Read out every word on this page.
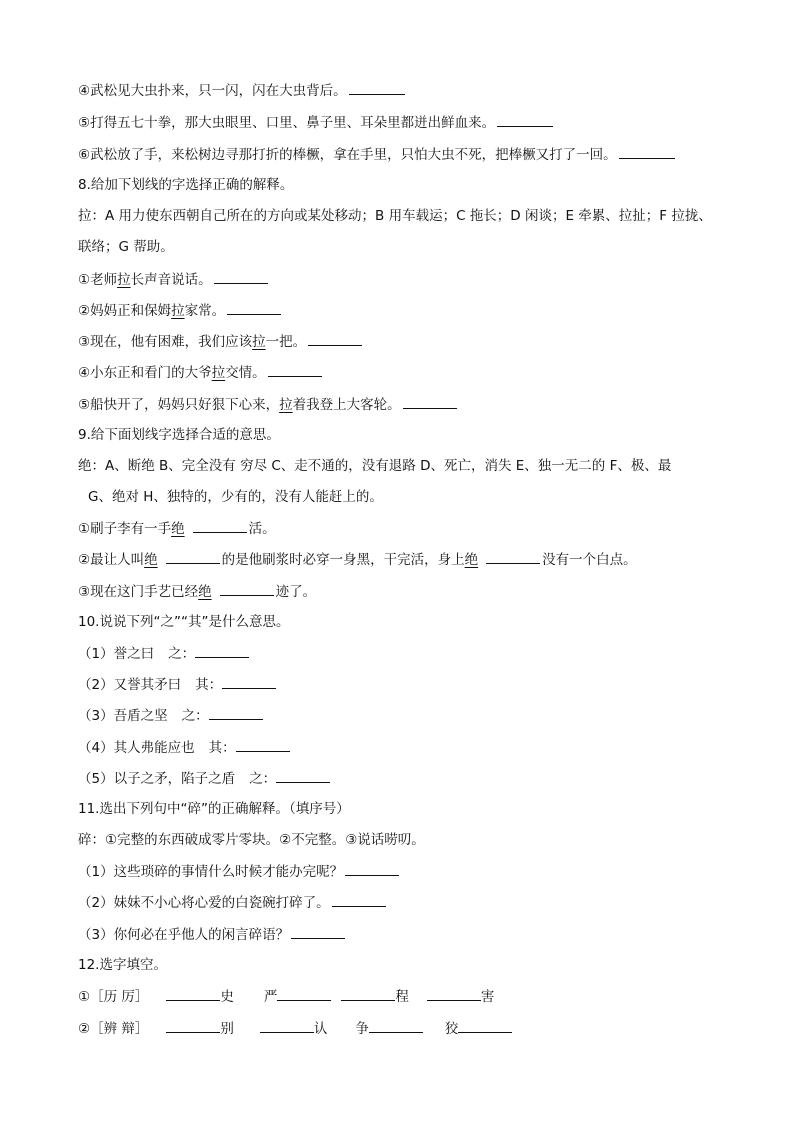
④武松见大虫扑来，只一闪，闪在大虫背后。
⑤打得五七十拳，那大虫眼里、口里、鼻子里、耳朵里都迸出鲜血来。
⑥武松放了手，来松树边寻那打折的棒橛，拿在手里，只怕大虫不死，把棒橛又打了一回。
8.给加下划线的字选择正确的解释。
拉：A 用力使东西朝自己所在的方向或某处移动；B 用车载运；C 拖长；D 闲谈；E 牵累、拉扯；F 拉拢、
联络；G 帮助。
①老师拉长声音说话。
②妈妈正和保姆拉家常。
③现在，他有困难，我们应该拉一把。
④小东正和看门的大爷拉交情。
⑤船快开了，妈妈只好狠下心来，拉着我登上大客轮。
9.给下面划线字选择合适的意思。
绝：A、断绝 B、完全没有 穷尽 C、走不通的，没有退路 D、死亡，消失 E、独一无二的 F、极、最
G、绝对 H、独特的，少有的，没有人能赶上的。
①刷子李有一手绝	活。
②最让人叫绝	的是他刷浆时必穿一身黑，干完活，身上绝	没有一个白点。
③现在这门手艺已经绝	迹了。
10.说说下列“之”“其”是什么意思。
（1）誉之曰 之：
（2）又誉其矛曰 其：
（3）吾盾之坚 之：
（4）其人弗能应也 其：
（5）以子之矛，陷子之盾 之：
11.选出下列句中“碎”的正确解释。（填序号）
碎：①完整的东西破成零片零块。②不完整。③说话唠叨。
（1）这些琐碎的事情什么时候才能办完呢？
（2）妹妹不小心将心爱的白瓷碗打碎了。
（3）你何必在乎他人的闲言碎语？
12.选字填空。
①［历 厉］	史 严	程	害
②［辨 辩］	别	认 争	狡
